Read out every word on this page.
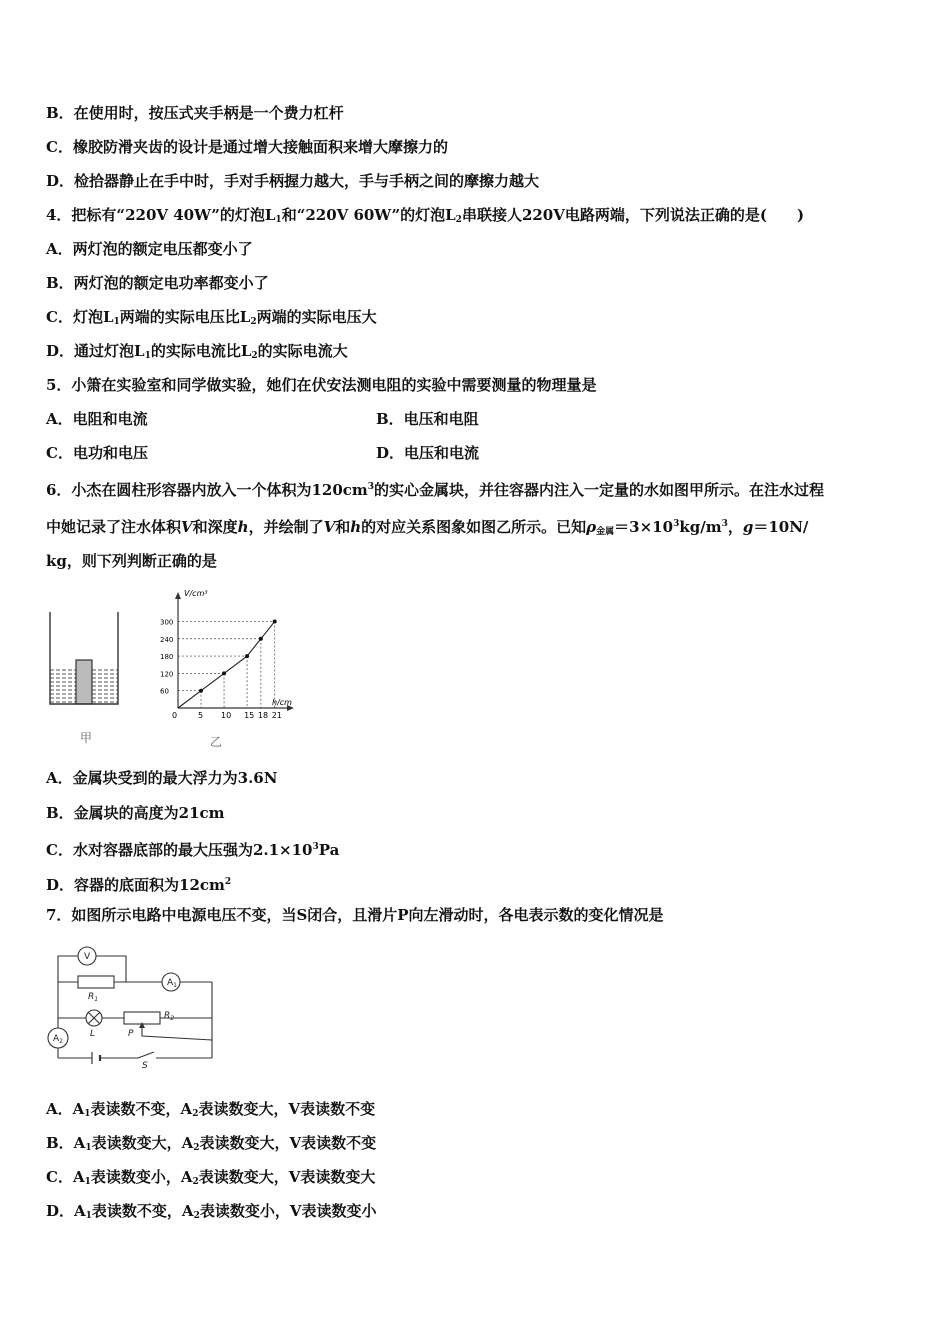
B．在使用时，按压式夹手柄是一个费力杠杆
C．橡胶防滑夹齿的设计是通过增大接触面积来增大摩擦力的
D．检拾器静止在手中时，手对手柄握力越大，手与手柄之间的摩擦力越大
4．把标有“220V 40W”的灯泡$L_1$和“220V 60W”的灯泡$L_2$串联接人220V电路两端，下列说法正确的是(　　)
A．两灯泡的额定电压都变小了
B．两灯泡的额定电功率都变小了
C．灯泡$L_1$两端的实际电压比$L_2$两端的实际电压大
D．通过灯泡$L_1$的实际电流比$L_2$的实际电流大
5．小箫在实验室和同学做实验，她们在伏安法测电阻的实验中需要测量的物理量是
A．电阻和电流	B．电压和电阻
C．电功和电压	D．电压和电流
6．小杰在圆柱形容器内放入一个体积为$120cm^3$的实心金属块，并往容器内注入一定量的水如图甲所示。在注水过程
中她记录了注水体积V和深度h，并绘制了V和h的对应关系图象如图乙所示。已知$\rho_{金属}=3\times 10^3kg/m^3$，g＝10N/
kg，则下列判断正确的是
甲
V/cm³
h/cm
0	5
60
10
120
15
180
18
240
21
300
乙
A．金属块受到的最大浮力为3.6N
B．金属块的高度为21cm
C．水对容器底部的最大压强为$2.1\times 10^3Pa$
D．容器的底面积为$12cm^2$
7．如图所示电路中电源电压不变，当S闭合，且滑片P向左滑动时，各电表示数的变化情况是
V
$A_1$
$A_2$
$R_1$
$R_2$
L	P
S
A．$A_1$表读数不变，$A_2$表读数变大，V表读数不变
B．$A_1$表读数变大，$A_2$表读数变大，V表读数不变
C．$A_1$表读数变小，$A_2$表读数变大，V表读数变大
D．$A_1$表读数不变，$A_2$表读数变小，V表读数变小
